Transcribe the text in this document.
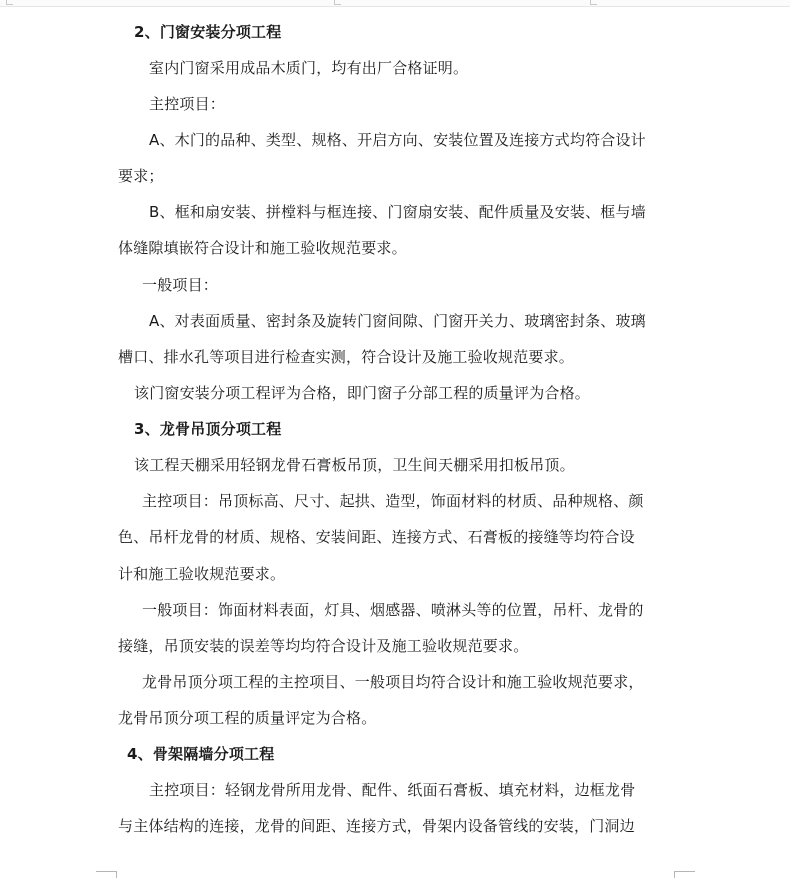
2、门窗安装分项工程
室内门窗采用成品木质门，均有出厂合格证明。
主控项目：
A、木门的品种、类型、规格、开启方向、安装位置及连接方式均符合设计
要求；
B、框和扇安装、拼樘料与框连接、门窗扇安装、配件质量及安装、框与墙
体缝隙填嵌符合设计和施工验收规范要求。
一般项目：
A、对表面质量、密封条及旋转门窗间隙、门窗开关力、玻璃密封条、玻璃
槽口、排水孔等项目进行检查实测，符合设计及施工验收规范要求。
该门窗安装分项工程评为合格，即门窗子分部工程的质量评为合格。
3、龙骨吊顶分项工程
该工程天棚采用轻钢龙骨石膏板吊顶，卫生间天棚采用扣板吊顶。
主控项目：吊顶标高、尺寸、起拱、造型，饰面材料的材质、品种规格、颜
色、吊杆龙骨的材质、规格、安装间距、连接方式、石膏板的接缝等均符合设
计和施工验收规范要求。
一般项目：饰面材料表面，灯具、烟感器、喷淋头等的位置，吊杆、龙骨的
接缝，吊顶安装的误差等均均符合设计及施工验收规范要求。
龙骨吊顶分项工程的主控项目、一般项目均符合设计和施工验收规范要求，
龙骨吊顶分项工程的质量评定为合格。
4、骨架隔墙分项工程
主控项目：轻钢龙骨所用龙骨、配件、纸面石膏板、填充材料，边框龙骨
与主体结构的连接，龙骨的间距、连接方式，骨架内设备管线的安装，门洞边
